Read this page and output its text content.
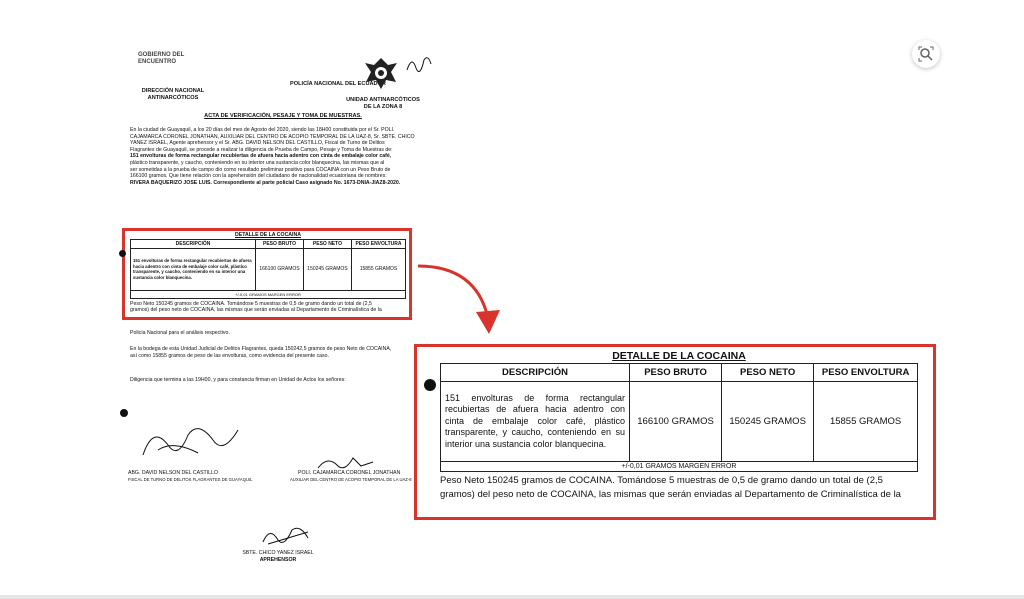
GOBIERNO DEL ENCUENTRO
DIRECCIÓN NACIONAL
ANTINARCÓTICOS
POLICÍA NACIONAL DEL ECUADOR
UNIDAD ANTINARCÓTICOS
DE LA ZONA 8
ACTA DE VERIFICACIÓN, PESAJE Y TOMA DE MUESTRAS.
En la ciudad de Guayaquil, a los 20 días del mes de Agosto del 2020, siendo las 18H00 constituida por el Sr. POLI.
CAJAMARCA CORONEL JONATHAN, AUXILIAR DEL CENTRO DE ACOPIO TEMPORAL DE LA UAZ-8, Sr. SBTE. CHICO
YANEZ ISRAEL, Agente aprehensor y el Sr. ABG. DAVID NELSON DEL CASTILLO, Fiscal de Turno de Delitos
Flagrantes de Guayaquil, se procede a realizar la diligencia de Prueba de Campo, Pesaje y Toma de Muestras de:
151 envolturas de forma rectangular recubiertas de afuera hacia adentro con cinta de embalaje color café,
plástico transparente, y caucho, conteniendo en su interior una sustancia color blanquecina, las mismas que al
ser sometidas a la prueba de campo dio como resultado preliminar positivo para COCAINA con un Peso Bruto de
166100 gramos. Que tiene relación con la aprehensión del ciudadano de nacionalidad ecuatoriana de nombres:
RIVERA BAQUERIZO JOSE LUIS. Correspondiente al parte policial Caso asignado No. 1673-DNIA-JIAZ8-2020.
DETALLE DE LA COCAINA
DESCRIPCIÓN	PESO BRUTO	PESO NETO	PESO ENVOLTURA
151 envolturas de forma rectangular recubiertas de afuera hacia adentro con cinta de embalaje color café, plástico transparente, y caucho, conteniendo en su interior una sustancia color blanquecina.	166100 GRAMOS	150245 GRAMOS	15855 GRAMOS
+/-0,01 GRAMOS MARGEN ERROR			
Peso Neto 150245 gramos de COCAINA. Tomándose 5 muestras de 0,5 de gramo dando un total de (2,5
gramos) del peso neto de COCAINA, las mismas que serán enviadas al Departamento de Criminalística de la
Policía Nacional para el análisis respectivo.
En la bodega de esta Unidad Judicial de Delitos Flagrantes, queda 150242,5 gramos de peso Neto de COCAINA,
así como 15855 gramos de peso de las envolturas, como evidencia del presente caso.
Diligencia que termina a las 19H00, y para constancia firman en Unidad de Actos los señores:
ABG. DAVID NELSON DEL CASTILLO
FISCAL DE TURNO DE DELITOS FLAGRANTES DE GUAYAQUIL
POLI. CAJAMARCA CORONEL JONATHAN
AUXILIAR DEL CENTRO DE ACOPIO TEMPORAL DE LA UAZ-8
SBTE. CHICO YANEZ ISRAEL
APREHENSOR
DETALLE DE LA COCAINA
DESCRIPCIÓN	PESO BRUTO	PESO NETO	PESO ENVOLTURA
151 envolturas de forma rectangular recubiertas de afuera hacia adentro con cinta de embalaje color café, plástico transparente, y caucho, conteniendo en su interior una sustancia color blanquecina.	166100 GRAMOS	150245 GRAMOS	15855 GRAMOS
+/-0,01 GRAMOS MARGEN ERROR			
Peso Neto 150245 gramos de COCAINA. Tomándose 5 muestras de 0,5 de gramo dando un total de (2,5
gramos) del peso neto de COCAINA, las mismas que serán enviadas al Departamento de Criminalística de la
